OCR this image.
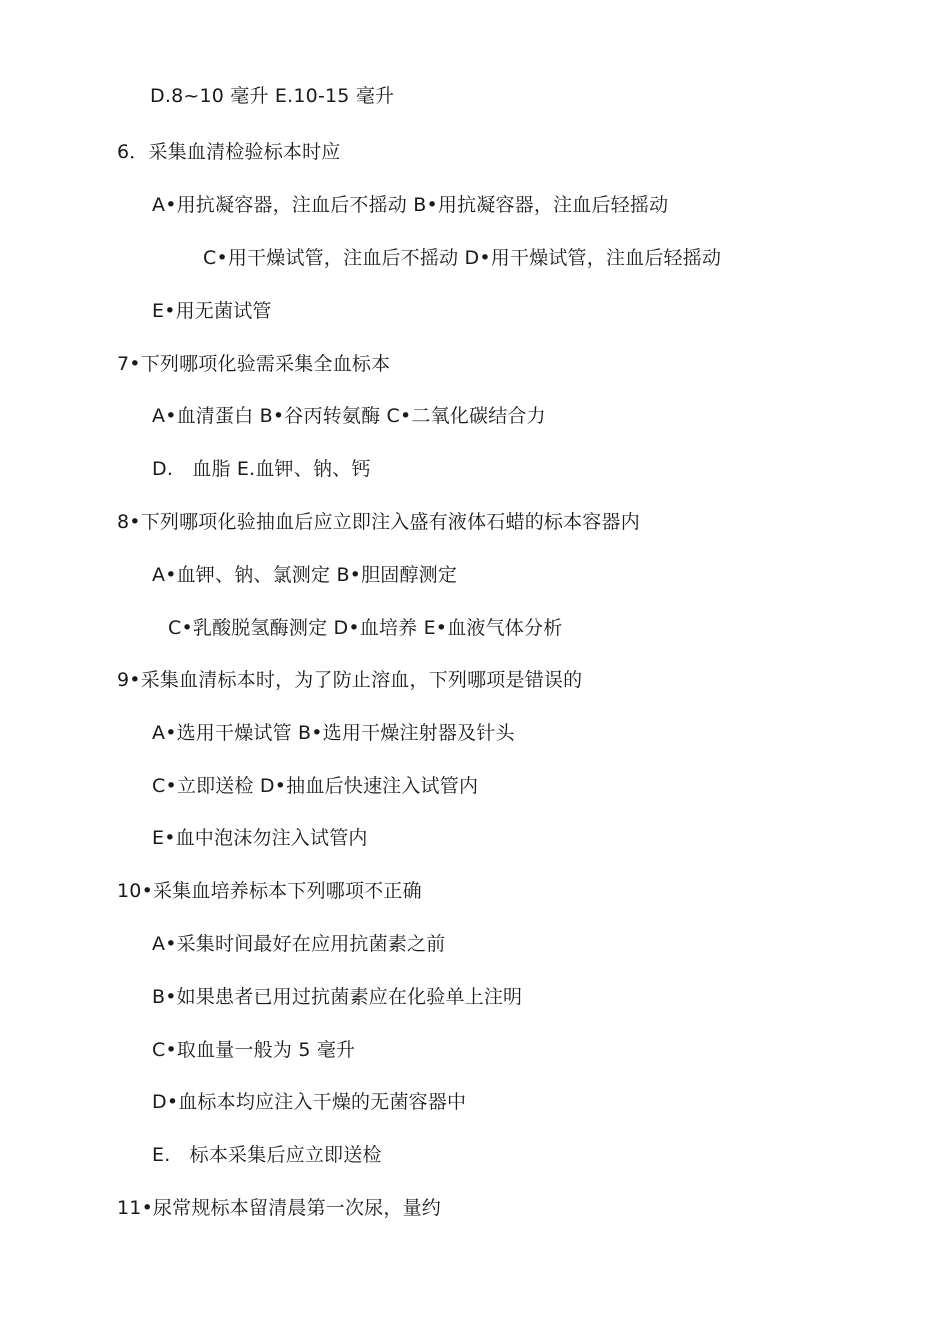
D.8~10 毫升 E.10-15 毫升
6．采集血清检验标本时应
A•用抗凝容器，注血后不摇动 B•用抗凝容器，注血后轻摇动
C•用干燥试管，注血后不摇动 D•用干燥试管，注血后轻摇动
E•用无菌试管
7•下列哪项化验需采集全血标本
A•血清蛋白 B•谷丙转氨酶 C•二氧化碳结合力
D.　血脂 E.血钾、钠、钙
8•下列哪项化验抽血后应立即注入盛有液体石蜡的标本容器内
A•血钾、钠、氯测定 B•胆固醇测定
C•乳酸脱氢酶测定 D•血培养 E•血液气体分析
9•采集血清标本时，为了防止溶血，下列哪项是错误的
A•选用干燥试管 B•选用干燥注射器及针头
C•立即送检 D•抽血后快速注入试管内
E•血中泡沫勿注入试管内
10•采集血培养标本下列哪项不正确
A•采集时间最好在应用抗菌素之前
B•如果患者已用过抗菌素应在化验单上注明
C•取血量一般为 5 毫升
D•血标本均应注入干燥的无菌容器中
E.　标本采集后应立即送检
11•尿常规标本留清晨第一次尿，量约
